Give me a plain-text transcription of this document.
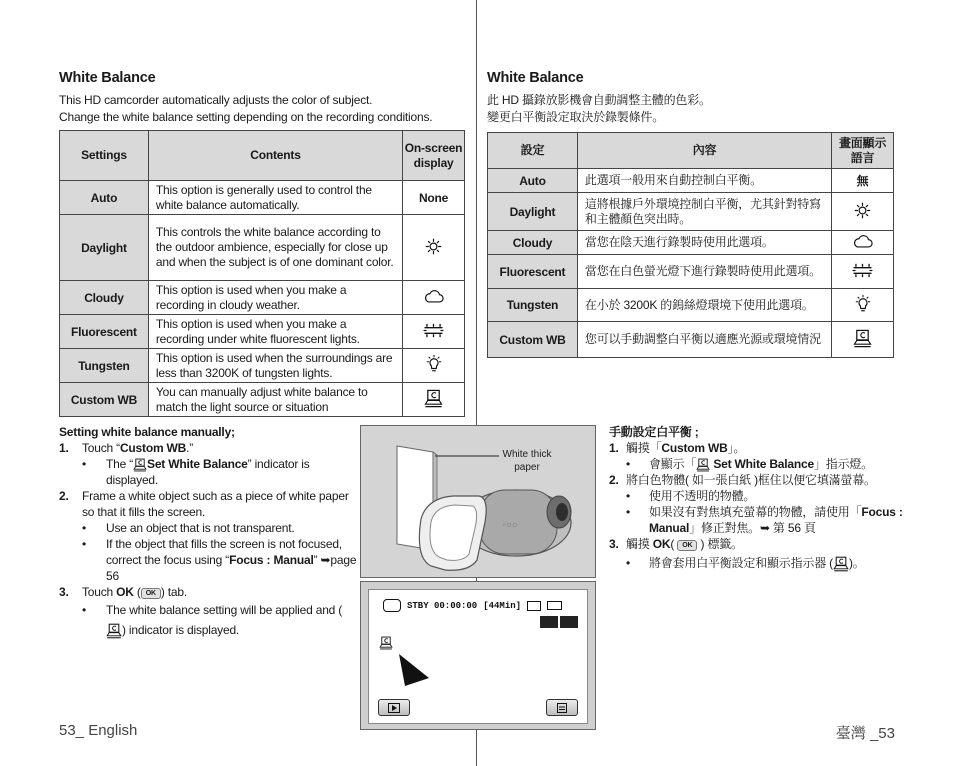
White Balance
This HD camcorder automatically adjusts the color of subject.
Change the white balance setting depending on the recording conditions.
Settings	Contents	On-screen display
Auto	This option is generally used to control the white balance automatically.	None
Daylight	This controls the white balance according to the outdoor ambience, especially for close up and when the subject is of one dominant color.	
Cloudy	This option is used when you make a recording in cloudy weather.	
Fluorescent	This option is used when you make a recording under white fluorescent lights.	
Tungsten	This option is used when the surroundings are less than 3200K of tungsten lights.	
Custom WB	You can manually adjust white balance to match the light source or situation	
Setting white balance manually;
1. Touch “Custom WB.”
• The “ Set White Balance” indicator is displayed.
2. Frame a white object such as a piece of white paper so that it fills the screen.
• Use an object that is not transparent.
• If the object that fills the screen is not focused, correct the focus using “Focus : Manual” ➥page 56
3. Touch OK ( OK ) tab.
• The white balance setting will be applied and () indicator is displayed.
53_ English
White Balance
此 HD 攝錄放影機會自動調整主體的色彩。
變更白平衡設定取決於錄製條件。
設定	內容	畫面顯示語言
Auto	此選項一般用來自動控制白平衡。	無
Daylight	這將根據戶外環境控制白平衡，尤其針對特寫和主體顏色突出時。	
Cloudy	當您在陰天進行錄製時使用此選項。	
Fluorescent	當您在白色螢光燈下進行錄製時使用此選項。	
Tungsten	在小於 3200K 的鎢絲燈環境下使用此選項。	
Custom WB	您可以手動調整白平衡以適應光源或環境情況	
手動設定白平衡 ;
1. 觸摸「Custom WB」。
• 會顯示「 Set White Balance」指示燈。
2. 將白色物體( 如一張白紙 )框住以便它填滿螢幕。
• 使用不透明的物體。
• 如果沒有對焦填充螢幕的物體，請使用「Focus : Manual」修正對焦。➥ 第 56 頁
3. 觸摸 OK( OK ) 標籤。
• 將會套用白平衡設定和顯示指示器 ( )。
臺灣 _53
○ ▢ ▢
White thick
paper
STBY 00:00:00 [44Min]
